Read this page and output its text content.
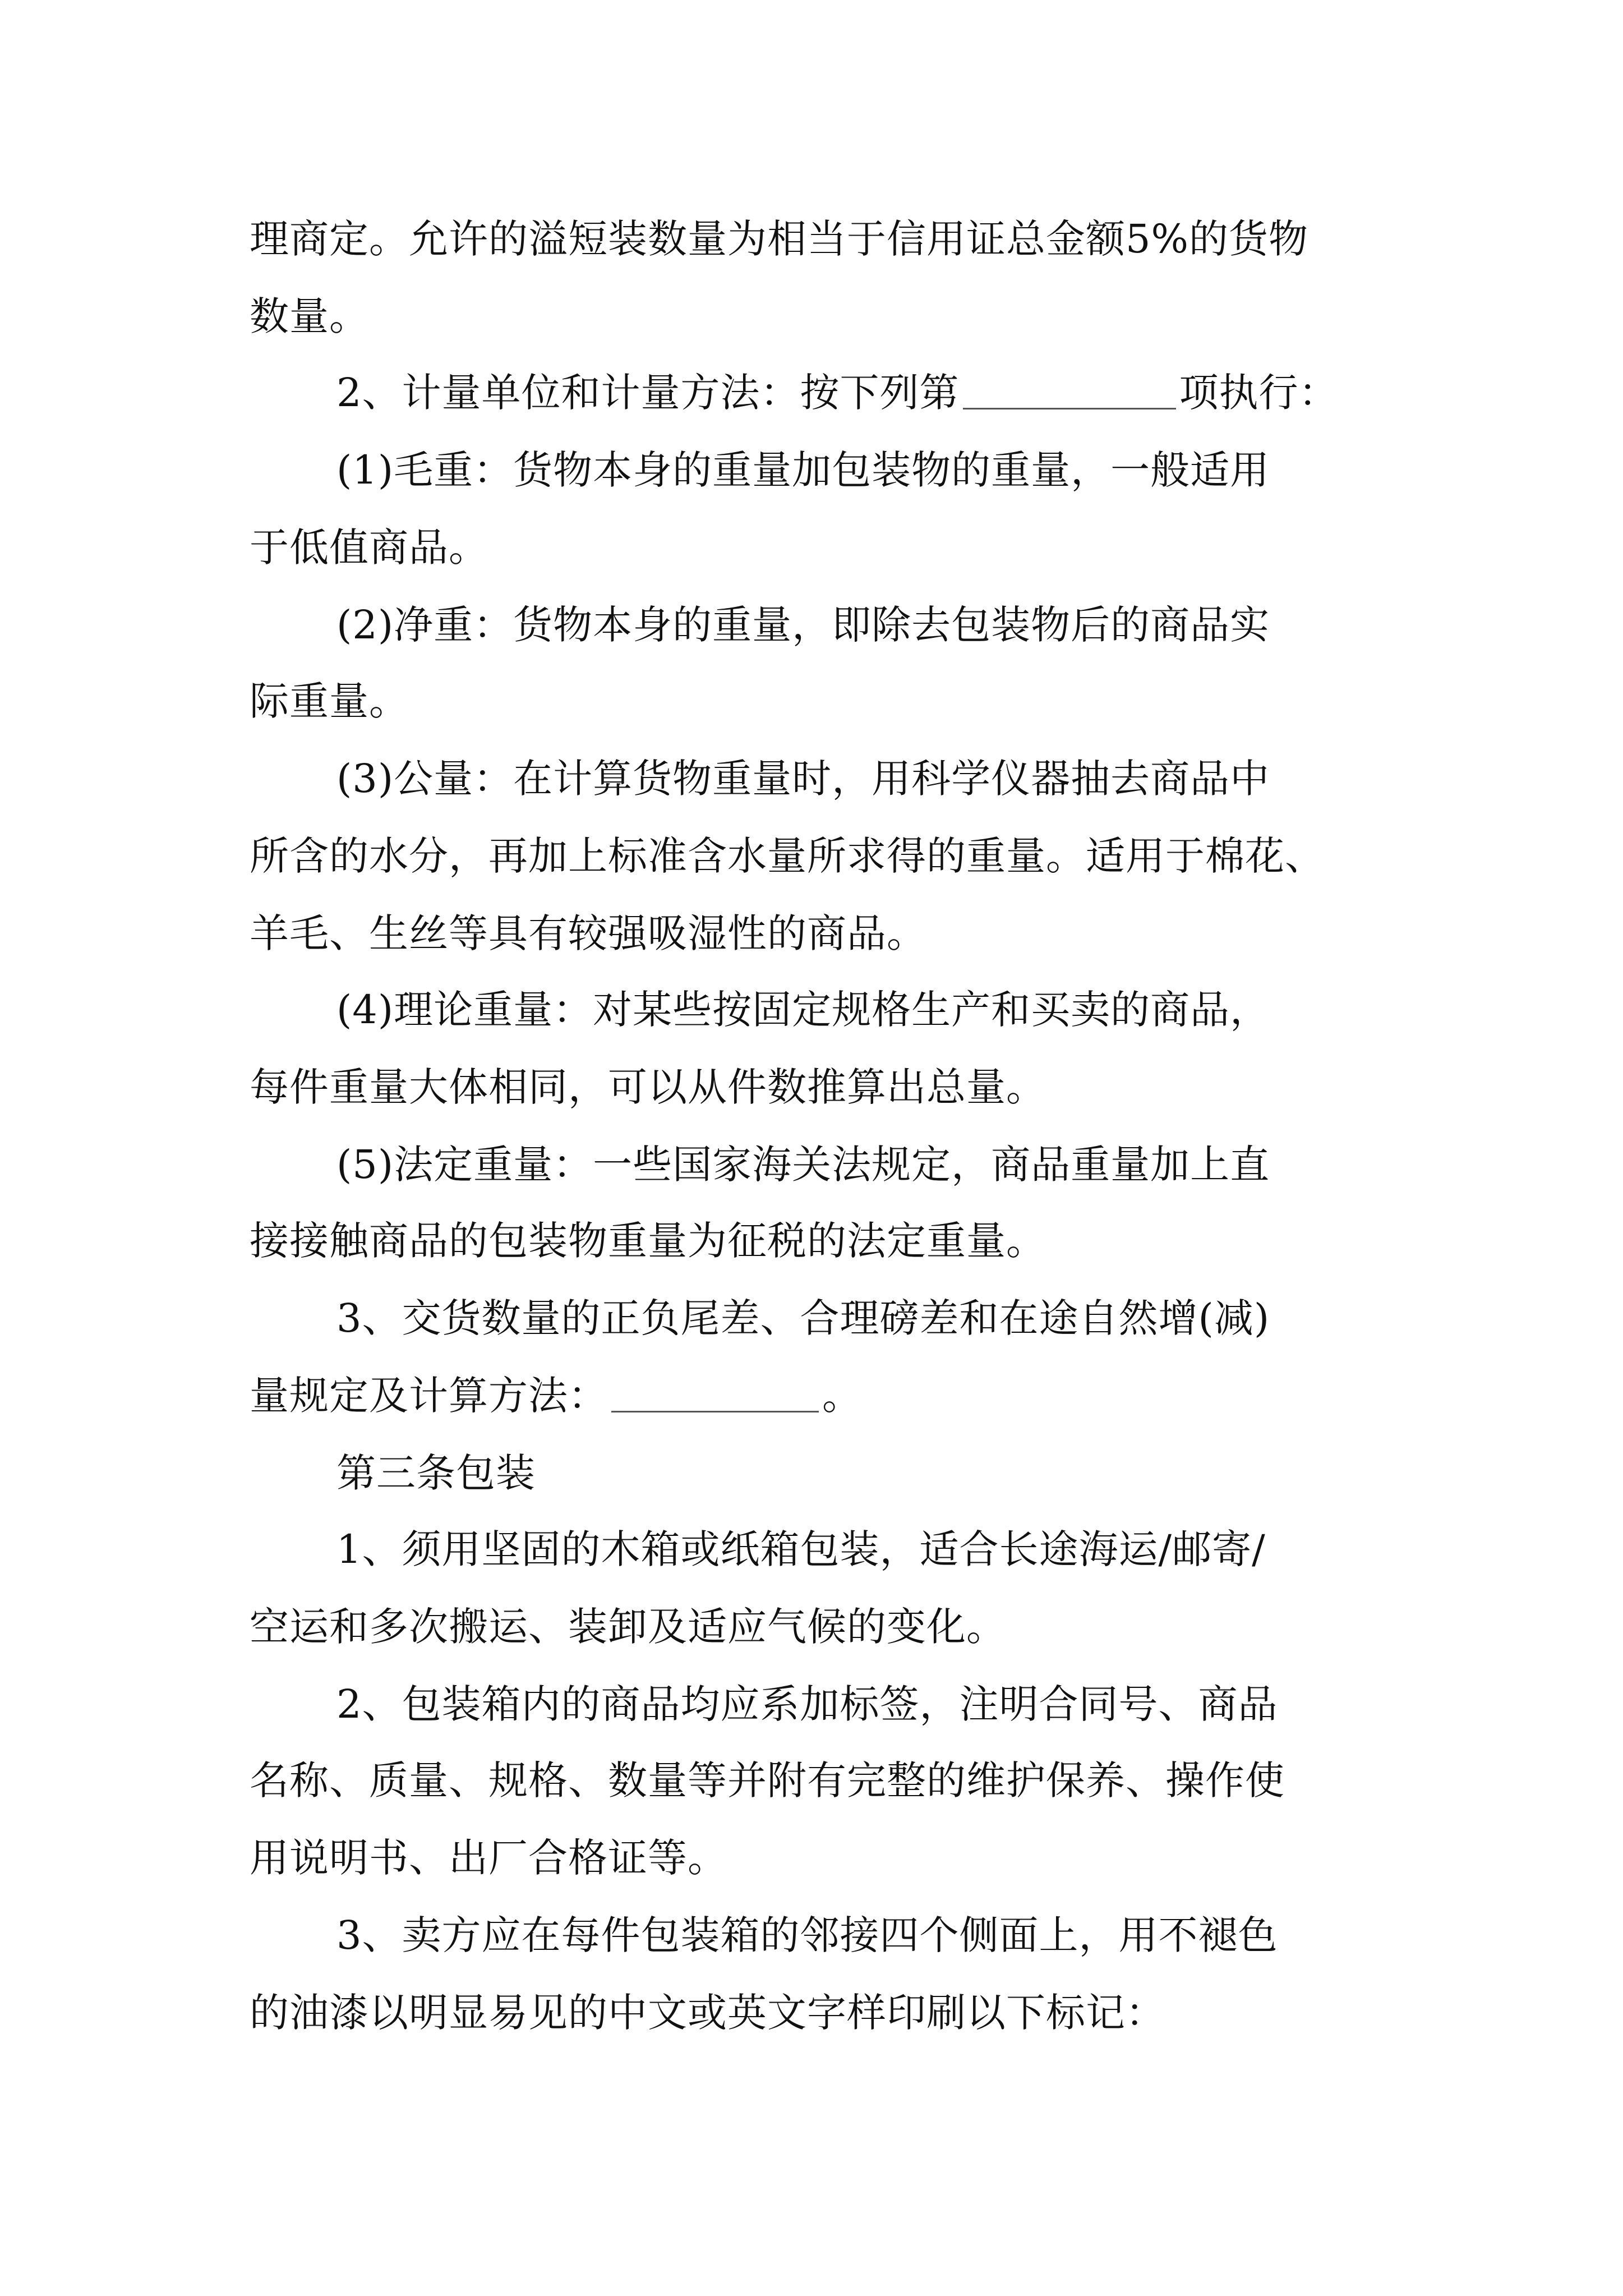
理商定。允许的溢短装数量为相当于信用证总金额5%的货物
数量。
2、计量单位和计量方法：按下列第	项执行：
(1)毛重：货物本身的重量加包装物的重量，一般适用
于低值商品。
(2)净重：货物本身的重量，即除去包装物后的商品实
际重量。
(3)公量：在计算货物重量时，用科学仪器抽去商品中
所含的水分，再加上标准含水量所求得的重量。适用于棉花、
羊毛、生丝等具有较强吸湿性的商品。
(4)理论重量：对某些按固定规格生产和买卖的商品，
每件重量大体相同，可以从件数推算出总量。
(5)法定重量：一些国家海关法规定，商品重量加上直
接接触商品的包装物重量为征税的法定重量。
3、交货数量的正负尾差、合理磅差和在途自然增(减)
量规定及计算方法：	。
第三条包装
1、须用坚固的木箱或纸箱包装，适合长途海运/邮寄/
空运和多次搬运、装卸及适应气候的变化。
2、包装箱内的商品均应系加标签，注明合同号、商品
名称、质量、规格、数量等并附有完整的维护保养、操作使
用说明书、出厂合格证等。
3、卖方应在每件包装箱的邻接四个侧面上，用不褪色
的油漆以明显易见的中文或英文字样印刷以下标记：
